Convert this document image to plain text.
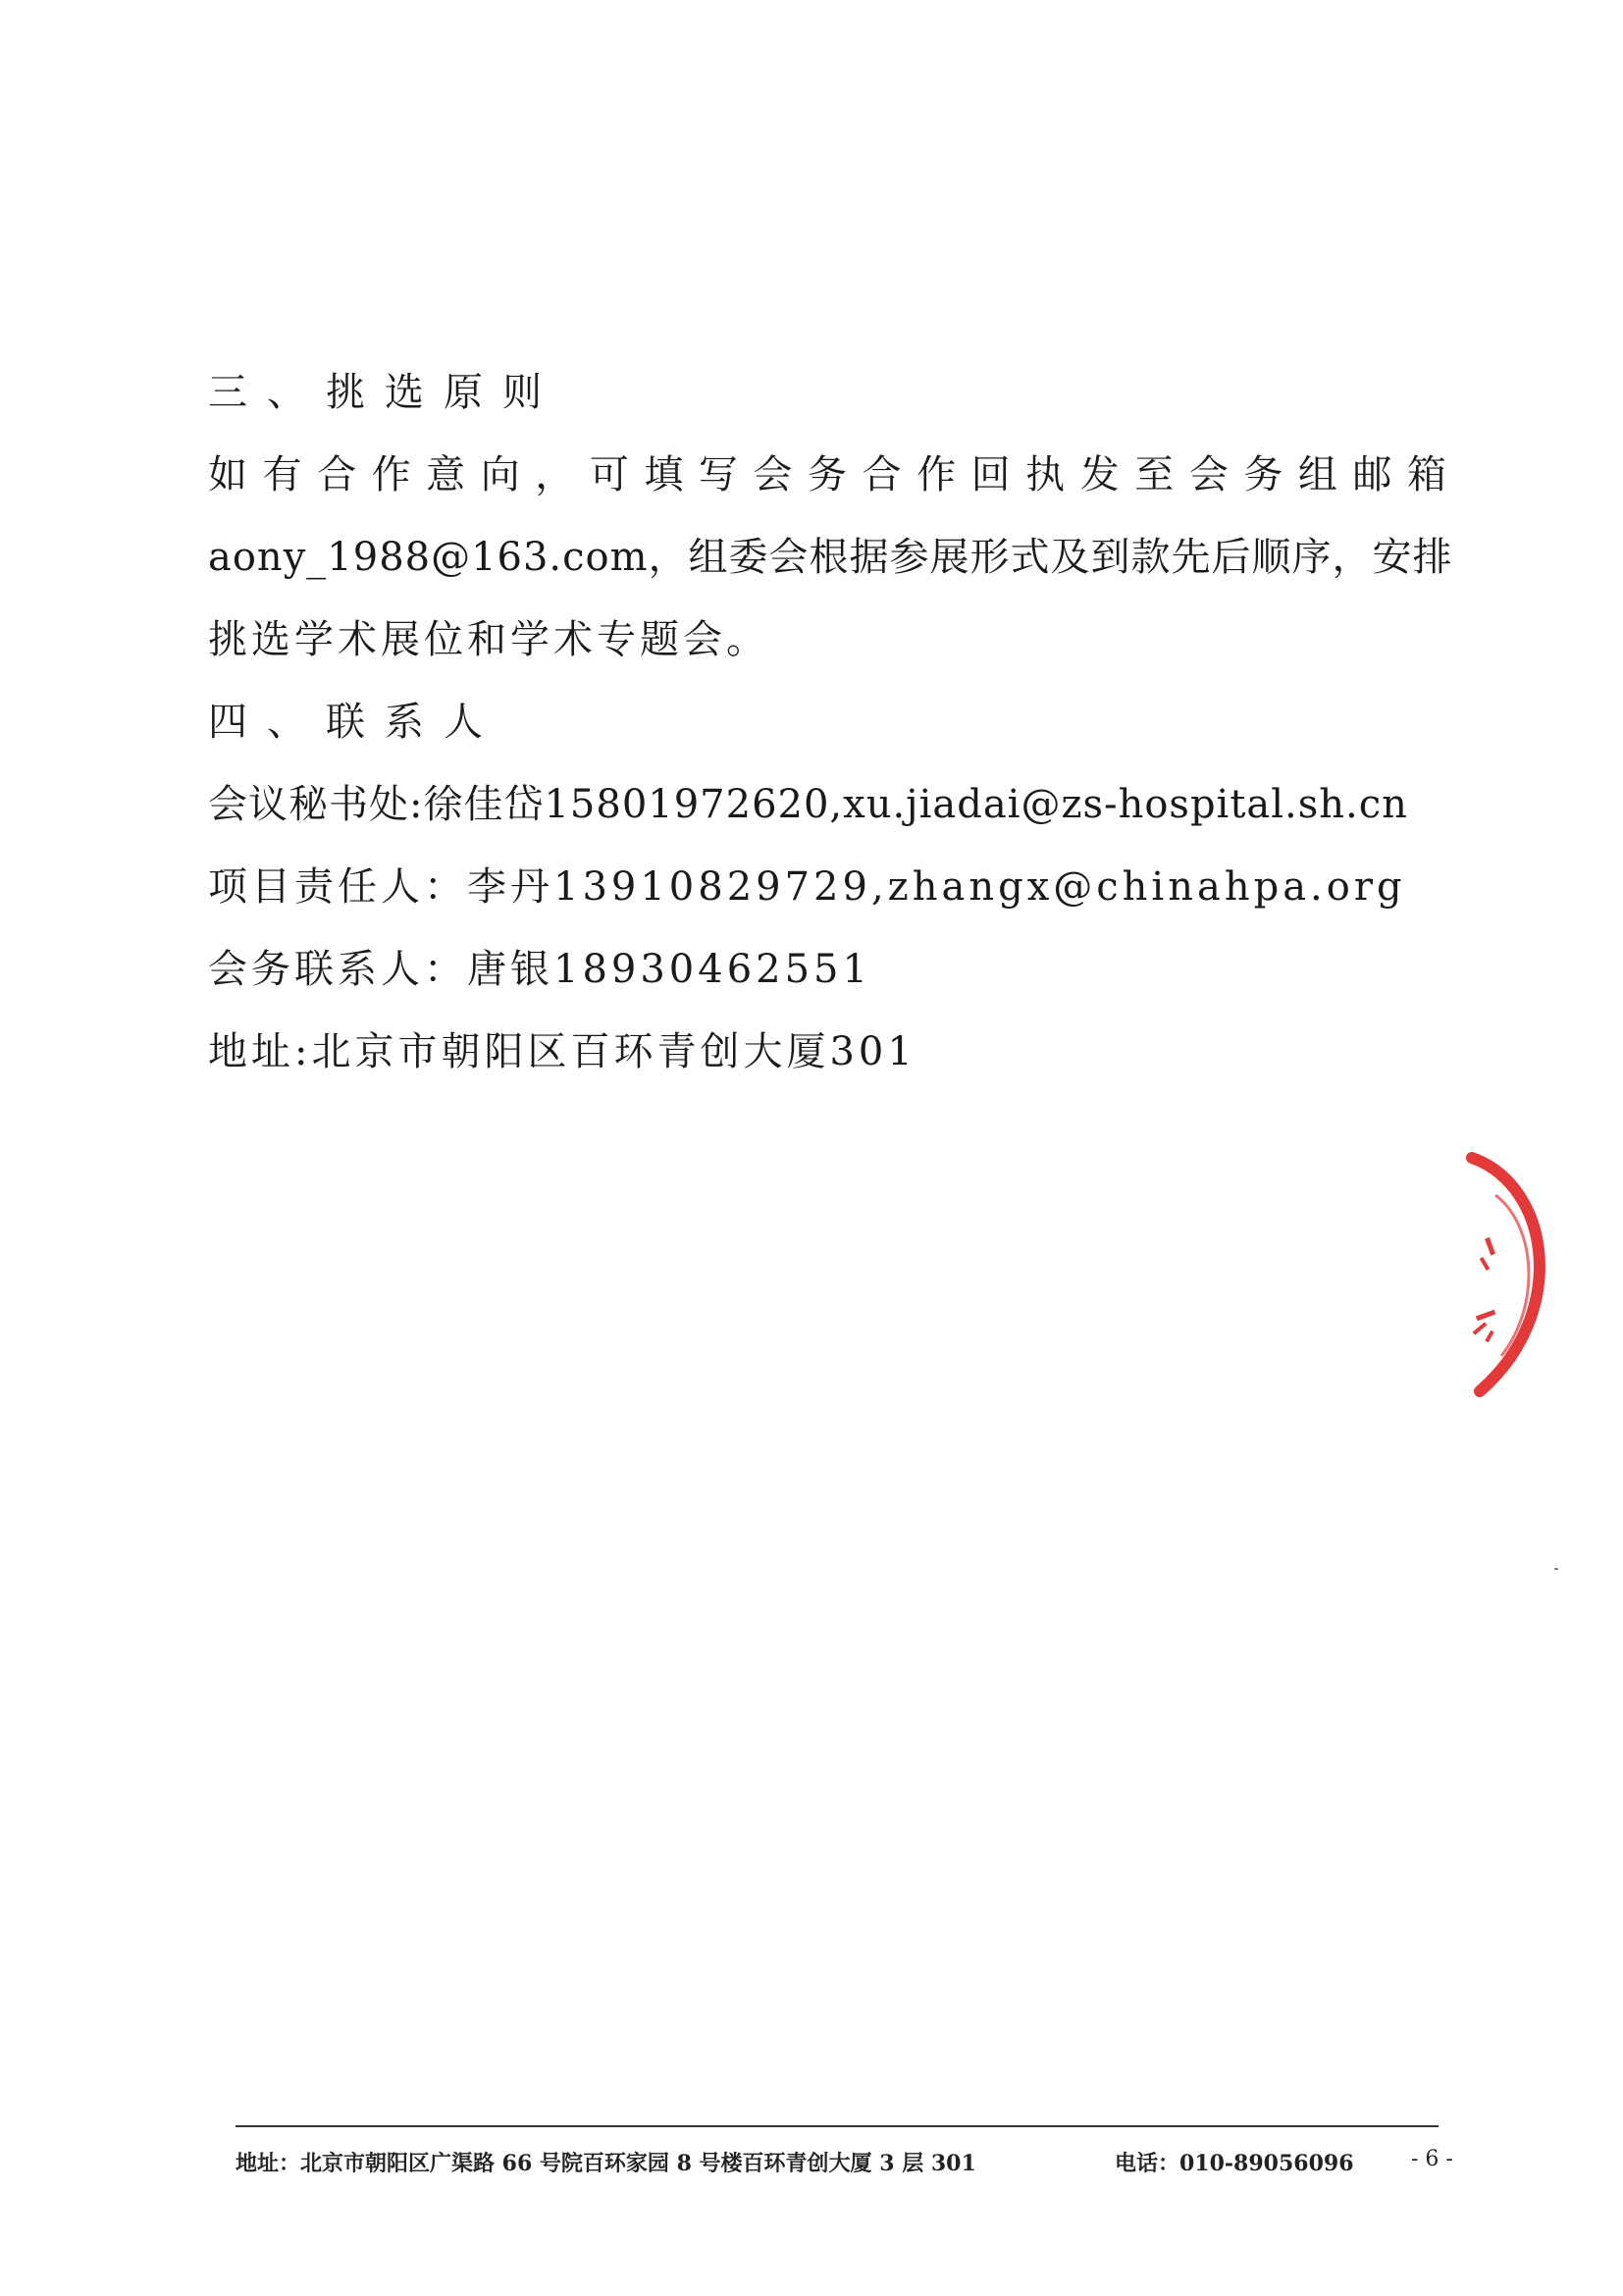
三、挑选原则
如有合作意向，可填写会务合作回执发至会务组邮箱
aony_1988@163.com，组委会根据参展形式及到款先后顺序，安排
挑选学术展位和学术专题会。
四、联系人
会议秘书处:徐佳岱15801972620,xu.jiadai@zs-hospital.sh.cn
项目责任人：李丹13910829729,zhangx@chinahpa.org
会务联系人：唐银18930462551
地址:北京市朝阳区百环青创大厦301
地址：北京市朝阳区广渠路 66 号院百环家园 8 号楼百环青创大厦 3 层 301	电话：010-89056096	- 6 -
